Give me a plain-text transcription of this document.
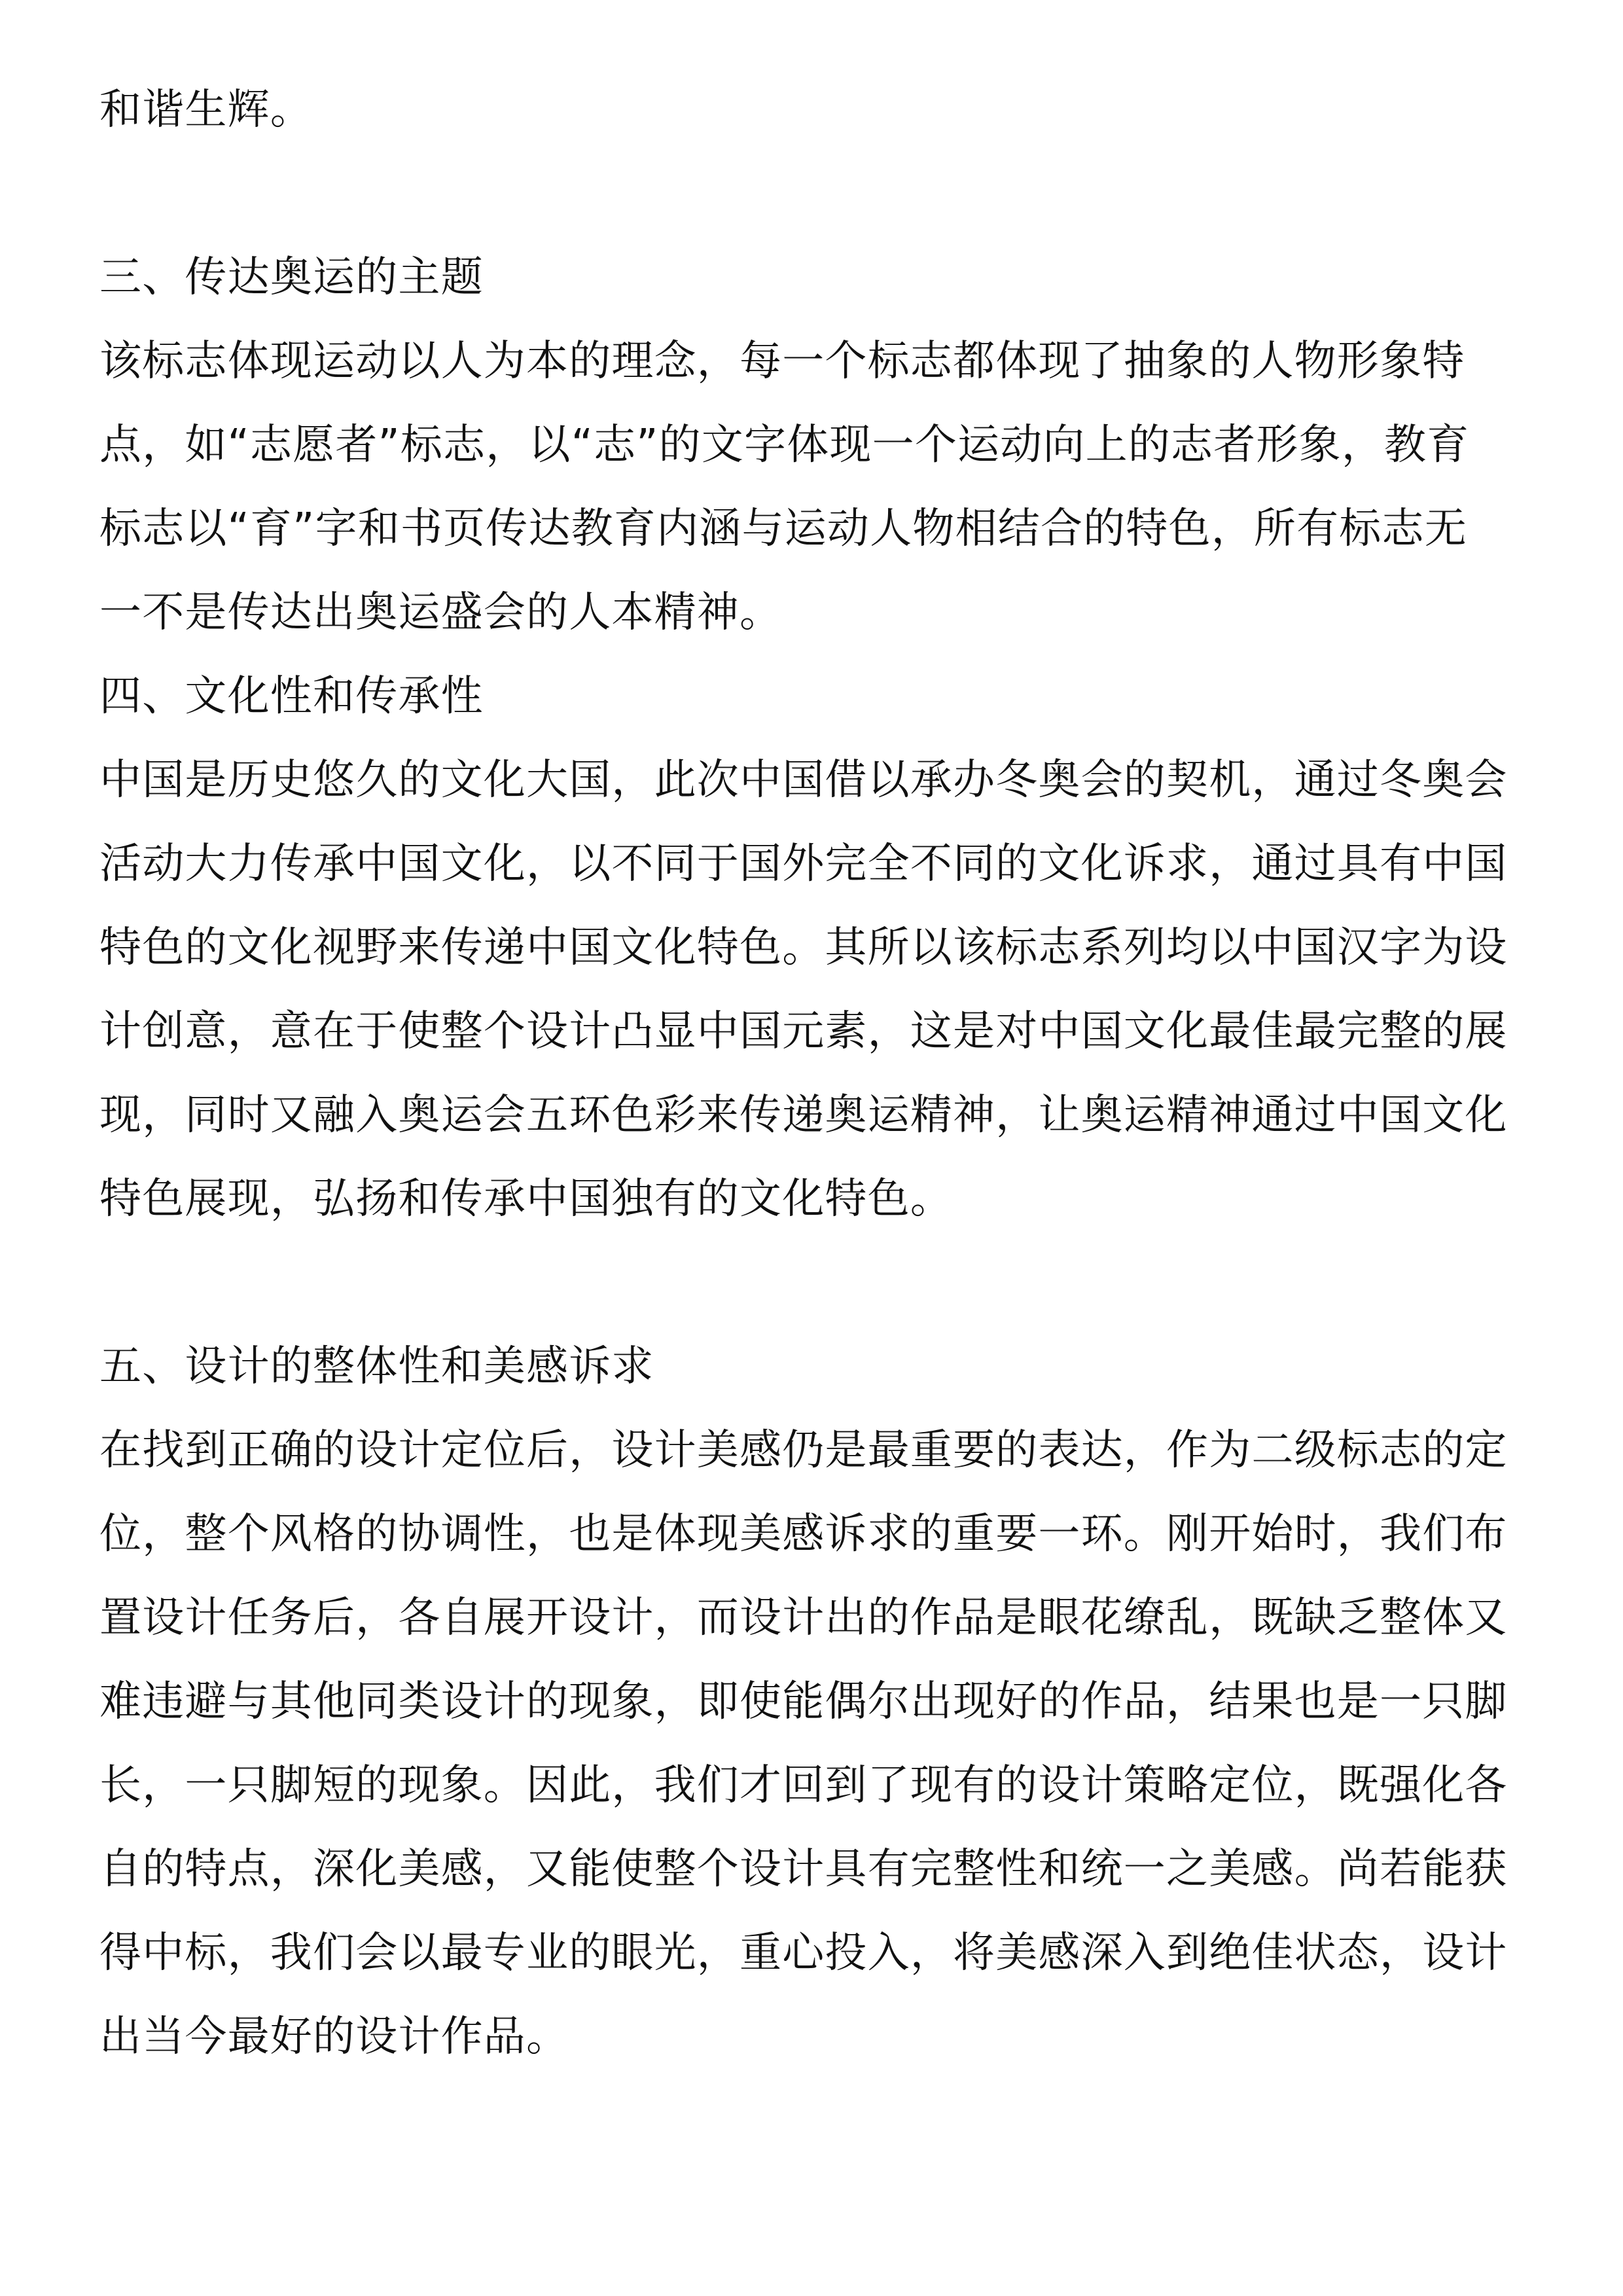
和谐生辉。
三、传达奥运的主题
该标志体现运动以人为本的理念，每一个标志都体现了抽象的人物形象特
点，如“志愿者”标志，以“志”的文字体现一个运动向上的志者形象，教育
标志以“育”字和书页传达教育内涵与运动人物相结合的特色，所有标志无
一不是传达出奥运盛会的人本精神。
四、文化性和传承性
中国是历史悠久的文化大国，此次中国借以承办冬奥会的契机，通过冬奥会
活动大力传承中国文化，以不同于国外完全不同的文化诉求，通过具有中国
特色的文化视野来传递中国文化特色。其所以该标志系列均以中国汉字为设
计创意，意在于使整个设计凸显中国元素，这是对中国文化最佳最完整的展
现，同时又融入奥运会五环色彩来传递奥运精神，让奥运精神通过中国文化
特色展现，弘扬和传承中国独有的文化特色。
五、设计的整体性和美感诉求
在找到正确的设计定位后，设计美感仍是最重要的表达，作为二级标志的定
位，整个风格的协调性，也是体现美感诉求的重要一环。刚开始时，我们布
置设计任务后，各自展开设计，而设计出的作品是眼花缭乱，既缺乏整体又
难违避与其他同类设计的现象，即使能偶尔出现好的作品，结果也是一只脚
长，一只脚短的现象。因此，我们才回到了现有的设计策略定位，既强化各
自的特点，深化美感，又能使整个设计具有完整性和统一之美感。尚若能获
得中标，我们会以最专业的眼光，重心投入，将美感深入到绝佳状态，设计
出当今最好的设计作品。
